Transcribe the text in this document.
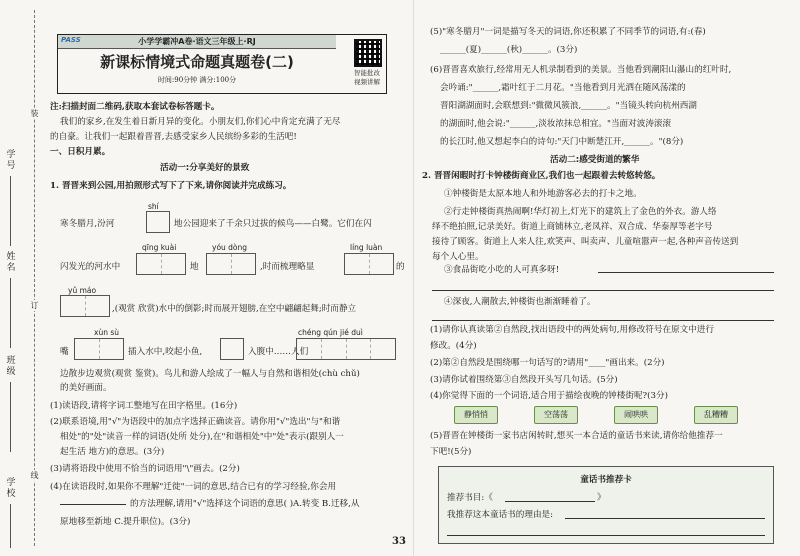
学号
姓名
班级
学校
装
订
线
小学学霸冲A卷·语文三年级上·RJ
PASS
新课标情境式命题真题卷(二)
时间:90分钟 满分:100分
智能批改
视频讲解
注:扫描封面二维码,获取本套试卷标答题卡。
我们的家乡,在发生着日新月异的变化。小朋友们,你们心中肯定充满了无尽
的自豪。让我们一起跟着晋晋,去感受家乡人民缤纷多彩的生活吧!
一、日积月累。
活动一:分享美好的景致
1. 晋晋来到公园,用拍照形式写下了下来,请你阅读并完成练习。
shí
寒冬腊月,汾河	地公园迎来了千余只过拔的候鸟——白鹭。它们在闪
qīng kuài	yóu dòng	líng luàn
闪发光的河水中	地	,时而梳理略显	的
yǔ máo
,(观赏 欣赏)水中的倒影;时而展开翅膀,在空中翩翩起舞;时而静立
xùn sù	chéng qún jié duì
嘴	插入水中,咬起小鱼,	入腹中……人们
边散步边观赏(观赏 鉴赏)。鸟儿和游人绘成了一幅人与自然和谐相处(chù chǔ)
的美好画面。
(1)读语段,请将字词工整地写在田字格里。(16分)
(2)联系语境,用"√"为语段中的加点字选择正确读音。请你用"√"选出"与"和谐
相处"的"处"读音一样的词语(处所 处分),在"和谐相处"中"处"表示(跟别人一
起生活 地方)的意思。(3分)
(3)请将语段中使用不恰当的词语用"\"画去。(2分)
(4)在读语段时,如果你不理解"迁徙"一词的意思,结合已有的学习经验,你会用
的方法理解,请用"√"选择这个词语的意思( )A.转变 B.迁移,从
原地移至新地 C.提升职位)。(3分)
(5)"寒冬腊月"一词是描写冬天的词语,你还积累了不同季节的词语,有:(春)
______(夏)______(秋)______。(3分)
(6)晋晋喜欢旅行,经常用无人机录制看到的美景。当他看到潮阳山瀑山的红叶时,
会吟诵:"______,霜叶红于二月花。"当他看到月光洒在随风荡漾的
晋阳湖湖面时,会联想到:"微微风簇浪,______。"当镜头转向杭州西湖
的湖面时,他会说:"______,淡妆浓抹总相宜。"当面对波涛滚滚
的长江时,他又想起李白的诗句:"天门中断楚江开,______。"(8分)
活动二:感受街道的繁华
2. 晋晋闲暇时打卡钟楼街商业区,我们也一起跟着去转悠转悠。
①钟楼街是太原本地人和外地游客必去的打卡之地。
②行走钟楼街真热闹啊!华灯初上,灯光下的建筑上了金色的外衣。游人络
绎不绝拍照,记录美好。街道上商铺林立,老凤祥、双合成、华泰厚等老字号
接待了顾客。街道上人来人往,欢笑声、叫卖声、儿童喧嚣声一起,各种声音传送到
每个人心里。
③食品街吃小吃的人可真多呀!
④深夜,人潮散去,钟楼街也渐渐睡着了。
(1)请你认真读第②自然段,找出语段中的两处病句,用修改符号在原文中进行
修改。(4分)
(2)第②自然段是围绕哪一句话写的?请用"____"画出来。(2分)
(3)请你试着围绕第③自然段开头写几句话。(5分)
(4)你觉得下面的一个词语,适合用于描绘夜晚的钟楼街呢?(3分)
静悄悄	空荡荡	闹哄哄	乱糟糟
(5)晋晋在钟楼街一家书店闲转时,想买一本合适的童话书来读,请你给他推荐一
下吧!(5分)
童话书推荐卡
推荐书目:《	》
我推荐这本童话书的理由是:
33
